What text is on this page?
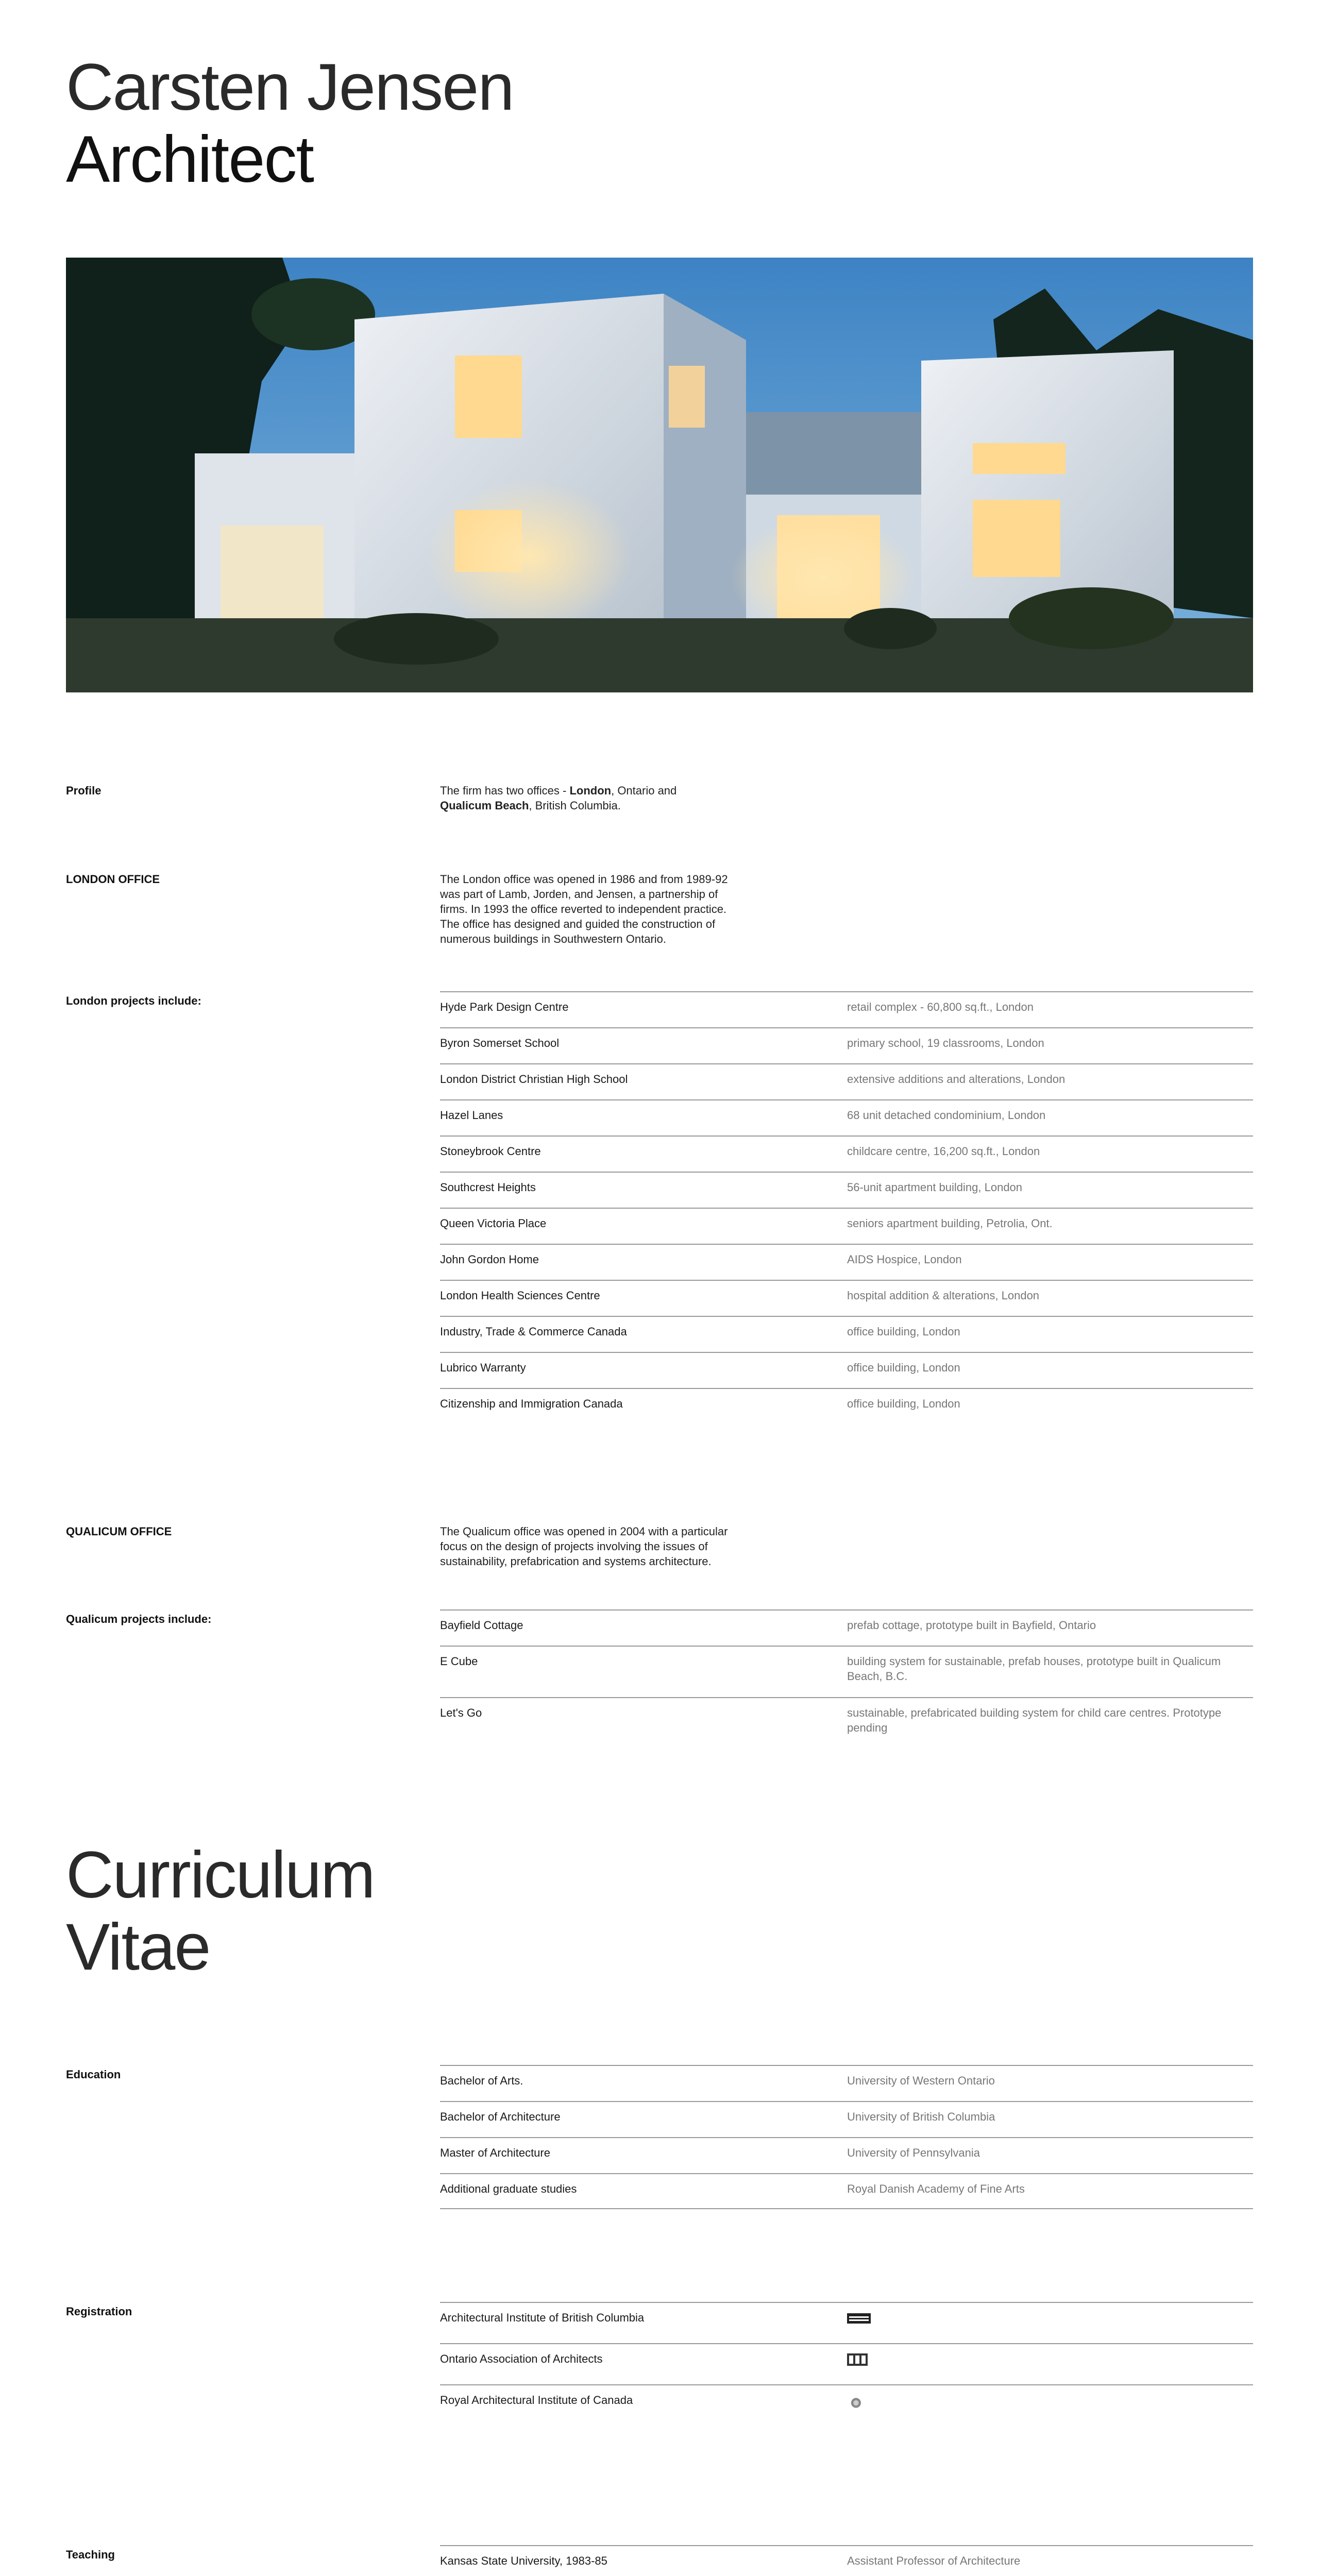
Carsten Jensen
Architect
Profile	The firm has two offices - London, Ontario and Qualicum Beach, British Columbia.
LONDON OFFICE	The London office was opened in 1986 and from 1989-92 was part of Lamb, Jorden, and Jensen, a partnership of firms. In 1993 the office reverted to independent practice. The office has designed and guided the construction of numerous buildings in Southwestern Ontario.
London projects include:	Hyde Park Design Centre	retail complex - 60,800 sq.ft., London
Byron Somerset School	primary school, 19 classrooms, London
London District Christian High School	extensive additions and alterations, London
Hazel Lanes	68 unit detached condominium, London
Stoneybrook Centre	childcare centre, 16,200 sq.ft., London
Southcrest Heights	56-unit apartment building, London
Queen Victoria Place	seniors apartment building, Petrolia, Ont.
John Gordon Home	AIDS Hospice, London
London Health Sciences Centre	hospital addition & alterations, London
Industry, Trade & Commerce Canada	office building, London
Lubrico Warranty	office building, London
Citizenship and Immigration Canada	office building, London
QUALICUM OFFICE	The Qualicum office was opened in 2004 with a particular focus on the design of projects involving the issues of sustainability, prefabrication and systems architecture.
Qualicum projects include:	Bayfield Cottage	prefab cottage, prototype built in Bayfield, Ontario
E Cube	building system for sustainable, prefab houses, prototype built in Qualicum Beach, B.C.
Let's Go	sustainable, prefabricated building system for child care centres. Prototype pending
Curriculum
Vitae
Education	Bachelor of Arts.	University of Western Ontario
Bachelor of Architecture	University of British Columbia
Master of Architecture	University of Pennsylvania
Additional graduate studies	Royal Danish Academy of Fine Arts
Registration	Architectural Institute of British Columbia
Ontario Association of Architects
Royal Architectural Institute of Canada
Teaching	Kansas State University, 1983-85	Assistant Professor of Architecture
